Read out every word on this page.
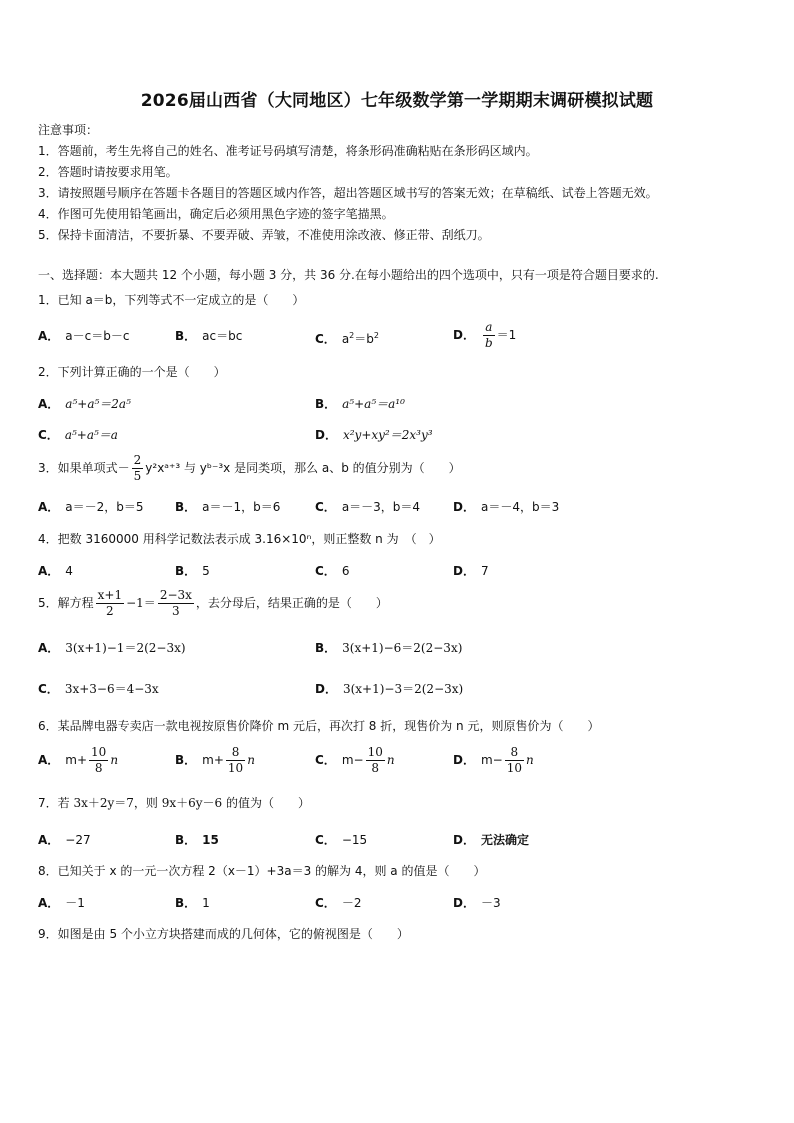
2026届山西省（大同地区）七年级数学第一学期期末调研模拟试题
注意事项：
1．答题前，考生先将自己的姓名、准考证号码填写清楚，将条形码准确粘贴在条形码区域内。
2．答题时请按要求用笔。
3．请按照题号顺序在答题卡各题目的答题区域内作答，超出答题区域书写的答案无效；在草稿纸、试卷上答题无效。
4．作图可先使用铅笔画出，确定后必须用黑色字迹的签字笔描黑。
5．保持卡面清洁，不要折暴、不要弄破、弄皱，不准使用涂改液、修正带、刮纸刀。
一、选择题：本大题共 12 个小题，每小题 3 分，共 36 分.在每小题给出的四个选项中，只有一项是符合题目要求的.
1．已知 a＝b，下列等式不一定成立的是（　　）
A． a－c＝b－c	B． ac＝bc	C． $a^2=b^2$	D． $\frac{a}{b} =1$
2．下列计算正确的一个是（　　）
A． a⁵+a⁵＝2a⁵	B． a⁵+a⁵＝a¹⁰
C． a⁵+a⁵＝a	D． x²y+xy²＝2x³y³
3．如果单项式－ $\frac{2}{5}$ y²xᵃ⁺³ 与 yᵇ⁻³x 是同类项，那么 a、b 的值分别为（　　）
A． a＝－2，b＝5	B． a＝－1，b＝6	C． a＝－3，b＝4	D． a＝－4，b＝3
4．把数 3160000 用科学记数法表示成 3.16×10ⁿ，则正整数 n 为　（　）
A． 4	B． 5	C． 6	D． 7
5．解方程 $\frac{x+1}{2} -1= \frac{2-3x}{3}$ ，去分母后，结果正确的是（　　）
A． 3(x+1)−1＝2(2−3x)	B． 3(x+1)−6＝2(2−3x)
C． 3x+3−6＝4−3x	D． 3(x+1)−3＝2(2−3x)
6．某品牌电器专卖店一款电视按原售价降价 m 元后，再次打 8 折，现售价为 n 元，则原售价为（　　）
A． $m+ \frac{10}{8}$ n	B． $m+ \frac{8}{10}$ n	C． $m- \frac{10}{8}$ n	D． $m- \frac{8}{10}$ n
7．若 3x＋2y＝7，则 9x＋6y－6 的值为（　　）
A． −27	B． 15	C． −15	D． 无法确定
8．已知关于 x 的一元一次方程 2（x－1）+3a＝3 的解为 4，则 a 的值是（　　）
A． －1	B． 1	C． －2	D． －3
9．如图是由 5 个小立方块搭建而成的几何体，它的俯视图是（　　）
